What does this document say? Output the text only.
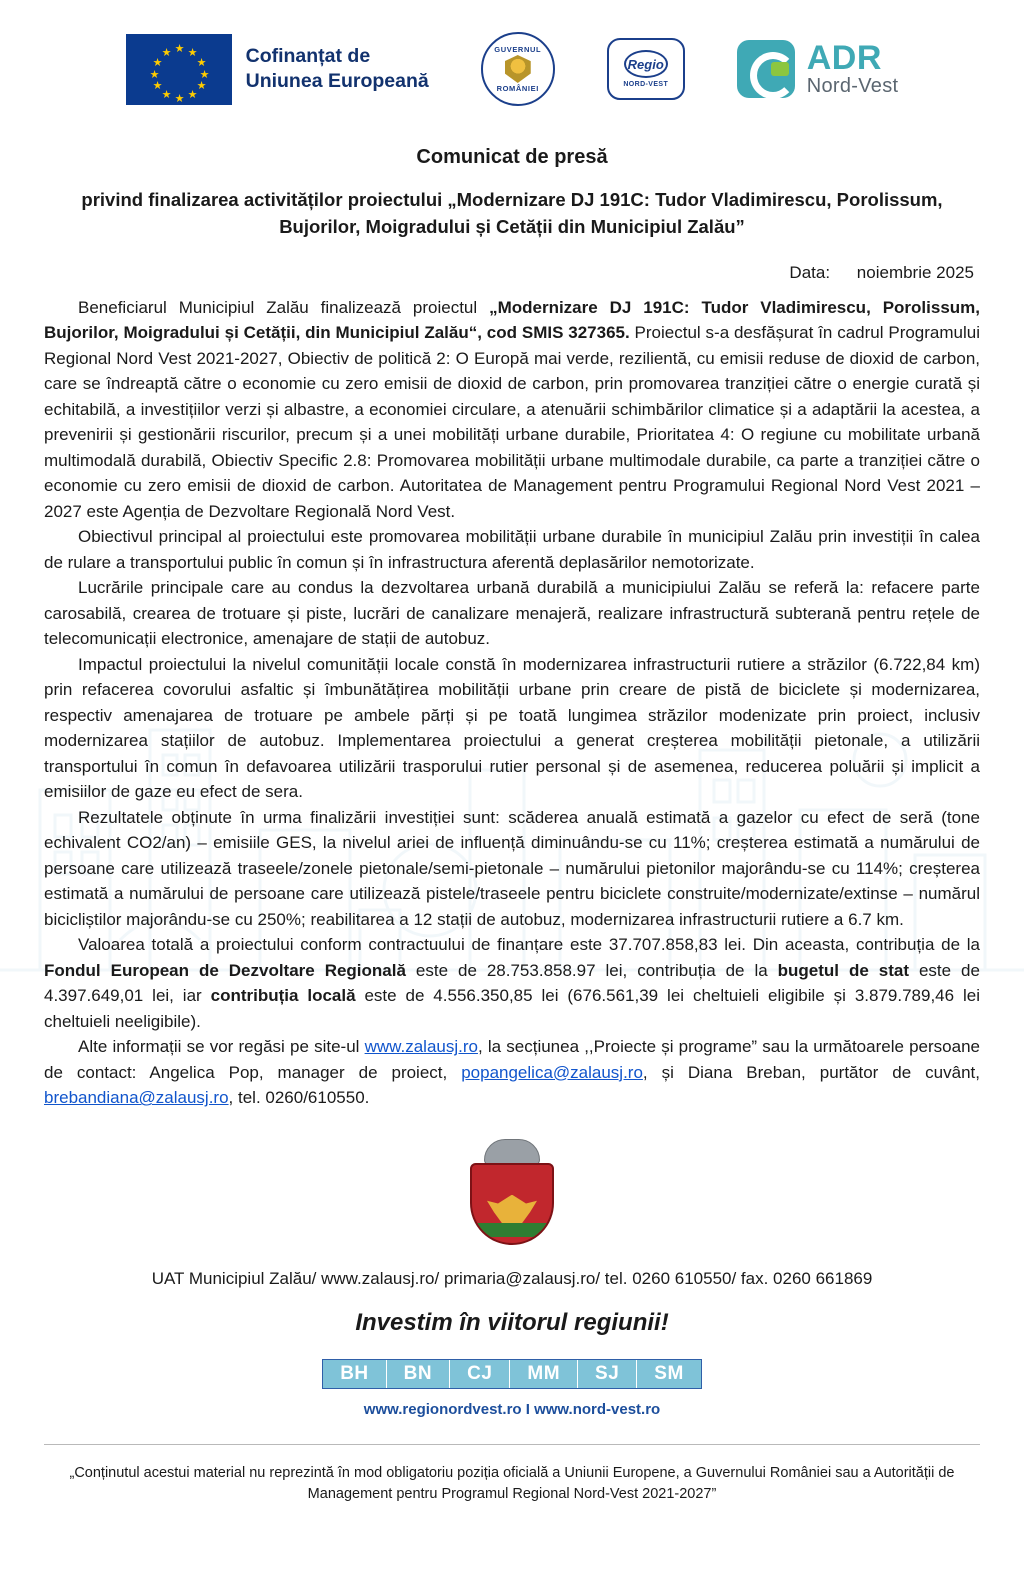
★ ★
★
★
★
★
★
★
★
★
★
★	Cofinanțat de
Uniunea Europeană
GUVERNUL
ROMÂNIEI
Regio
NORD-VEST
ADR
Nord-Vest
Comunicat de presă
privind finalizarea activităților proiectului „Modernizare DJ 191C: Tudor Vladimirescu, Porolissum, Bujorilor, Moigradului și Cetății din Municipiul Zalău”
Data: noiembrie 2025

Beneficiarul Municipiul Zalău finalizează proiectul „Modernizare DJ 191C: Tudor Vladimirescu, Porolissum, Bujorilor, Moigradului și Cetății, din Municipiul Zalău“, cod SMIS 327365. Proiectul s-a desfășurat în cadrul Programului Regional Nord Vest 2021-2027, Obiectiv de politică 2: O Europă mai verde, rezilientă, cu emisii reduse de dioxid de carbon, care se îndreaptă către o economie cu zero emisii de dioxid de carbon, prin promovarea tranziției către o energie curată și echitabilă, a investițiilor verzi și albastre, a economiei circulare, a atenuării schimbărilor climatice și a adaptării la acestea, a prevenirii și gestionării riscurilor, precum și a unei mobilități urbane durabile, Prioritatea 4: O regiune cu mobilitate urbană multimodală durabilă, Obiectiv Specific 2.8: Promovarea mobilității urbane multimodale durabile, ca parte a tranziției către o economie cu zero emisii de dioxid de carbon. Autoritatea de Management pentru Programului Regional Nord Vest 2021 – 2027 este Agenția de Dezvoltare Regională Nord Vest.

Obiectivul principal al proiectului este promovarea mobilității urbane durabile în municipiul Zalău prin investiții în calea de rulare a transportului public în comun și în infrastructura aferentă deplasărilor nemotorizate.

Lucrările principale care au condus la dezvoltarea urbană durabilă a municipiului Zalău se referă la: refacere parte carosabilă, crearea de trotuare și piste, lucrări de canalizare menajeră, realizare infrastructură subterană pentru rețele de telecomunicații electronice, amenajare de stații de autobuz.

Impactul proiectului la nivelul comunității locale constă în modernizarea infrastructurii rutiere a străzilor (6.722,84 km) prin refacerea covorului asfaltic și îmbunătățirea mobilității urbane prin creare de pistă de biciclete și modernizarea, respectiv amenajarea de trotuare pe ambele părți și pe toată lungimea străzilor modenizate prin proiect, inclusiv modernizarea stațiilor de autobuz. Implementarea proiectului a generat creșterea mobilității pietonale, a utilizării transportului în comun în defavoarea utilizării trasporului rutier personal și de asemenea, reducerea poluării și implicit a emisiilor de gaze eu efect de sera.

Rezultatele obținute în urma finalizării investiției sunt: scăderea anuală estimată a gazelor cu efect de seră (tone echivalent CO2/an) – emisiile GES, la nivelul ariei de influență diminuându-se cu 11%; creșterea estimată a numărului de persoane care utilizează traseele/zonele pietonale/semi-pietonale – numărului pietonilor majorându-se cu 114%; creșterea estimată a numărului de persoane care utilizează pistele/traseele pentru biciclete construite/modernizate/extinse – numărul bicicliștilor majorându-se cu 250%; reabilitarea a 12 stații de autobuz, modernizarea infrastructurii rutiere a 6.7 km.

Valoarea totală a proiectului conform contractuului de finanțare este 37.707.858,83 lei. Din aceasta, contribuția de la Fondul European de Dezvoltare Regională este de 28.753.858.97 lei, contribuția de la bugetul de stat este de 4.397.649,01 lei, iar contribuția locală este de 4.556.350,85 lei (676.561,39 lei cheltuieli eligibile și 3.879.789,46 lei cheltuieli neeligibile).

Alte informații se vor regăsi pe site-ul www.zalausj.ro, la secțiunea ,,Proiecte și programe” sau la următoarele persoane de contact: Angelica Pop, manager de proiect, popangelica@zalausj.ro, și Diana Breban, purtător de cuvânt, brebandiana@zalausj.ro, tel. 0260/610550.

UAT Municipiul Zalău/ www.zalausj.ro/ primaria@zalausj.ro/ tel. 0260 610550/ fax. 0260 661869
Investim în viitorul regiunii!
BH	BN	CJ	MM	SJ	SM
www.regionordvest.ro I www.nord-vest.ro
„Conținutul acestui material nu reprezintă în mod obligatoriu poziția oficială a Uniunii Europene, a Guvernului României sau a Autorității de Management pentru Programul Regional Nord-Vest 2021-2027”
